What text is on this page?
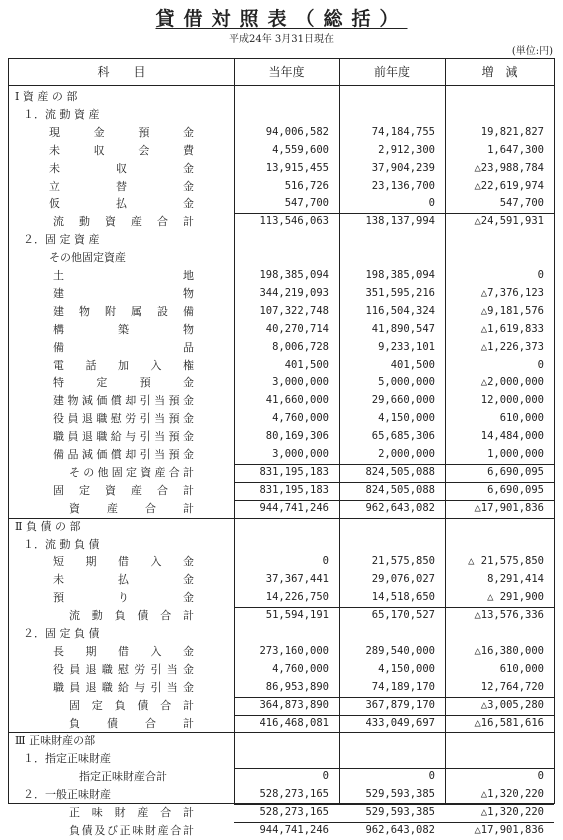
貸借対照表（総括）
平成24年 3月31日現在
(単位:円)
科　　目	当年度	前年度	増　減
Ⅰ 資 産 の 部
１．流 動 資 産
現金預金	94,006,582	74,184,755	19,821,827
未収会費	4,559,600	2,912,300	1,647,300
未収金	13,915,455	37,904,239	△23,988,784
立替金	516,726	23,136,700	△22,619,974
仮払金	547,700	0	547,700
流動資産合計	113,546,063	138,137,994	△24,591,931
２．固 定 資 産
その他固定資産
土地	198,385,094	198,385,094	0
建物	344,219,093	351,595,216	△7,376,123
建物附属設備	107,322,748	116,504,324	△9,181,576
構築物	40,270,714	41,890,547	△1,619,833
備品	8,006,728	9,233,101	△1,226,373
電話加入権	401,500	401,500	0
特定預金	3,000,000	5,000,000	△2,000,000
建物減価償却引当預金	41,660,000	29,660,000	12,000,000
役員退職慰労引当預金	4,760,000	4,150,000	610,000
職員退職給与引当預金	80,169,306	65,685,306	14,484,000
備品減価償却引当預金	3,000,000	2,000,000	1,000,000
その他固定資産合計	831,195,183	824,505,088	6,690,095
固定資産合計	831,195,183	824,505,088	6,690,095
資産合計	944,741,246	962,643,082	△17,901,836
Ⅱ 負 債 の 部
１．流 動 負 債
短期借入金	0	21,575,850	△ 21,575,850
未払金	37,367,441	29,076,027	8,291,414
預り金	14,226,750	14,518,650	△ 291,900
流動負債合計	51,594,191	65,170,527	△13,576,336
２．固 定 負 債
長期借入金	273,160,000	289,540,000	△16,380,000
役員退職慰労引当金	4,760,000	4,150,000	610,000
職員退職給与引当金	86,953,890	74,189,170	12,764,720
固定負債合計	364,873,890	367,879,170	△3,005,280
負債合計	416,468,081	433,049,697	△16,581,616
Ⅲ 正味財産の部
１．指定正味財産
指定正味財産合計	0	0	0
２．一般正味財産	528,273,165	529,593,385	△1,320,220
正味財産合計	528,273,165	529,593,385	△1,320,220
負債及び正味財産合計	944,741,246	962,643,082	△17,901,836
